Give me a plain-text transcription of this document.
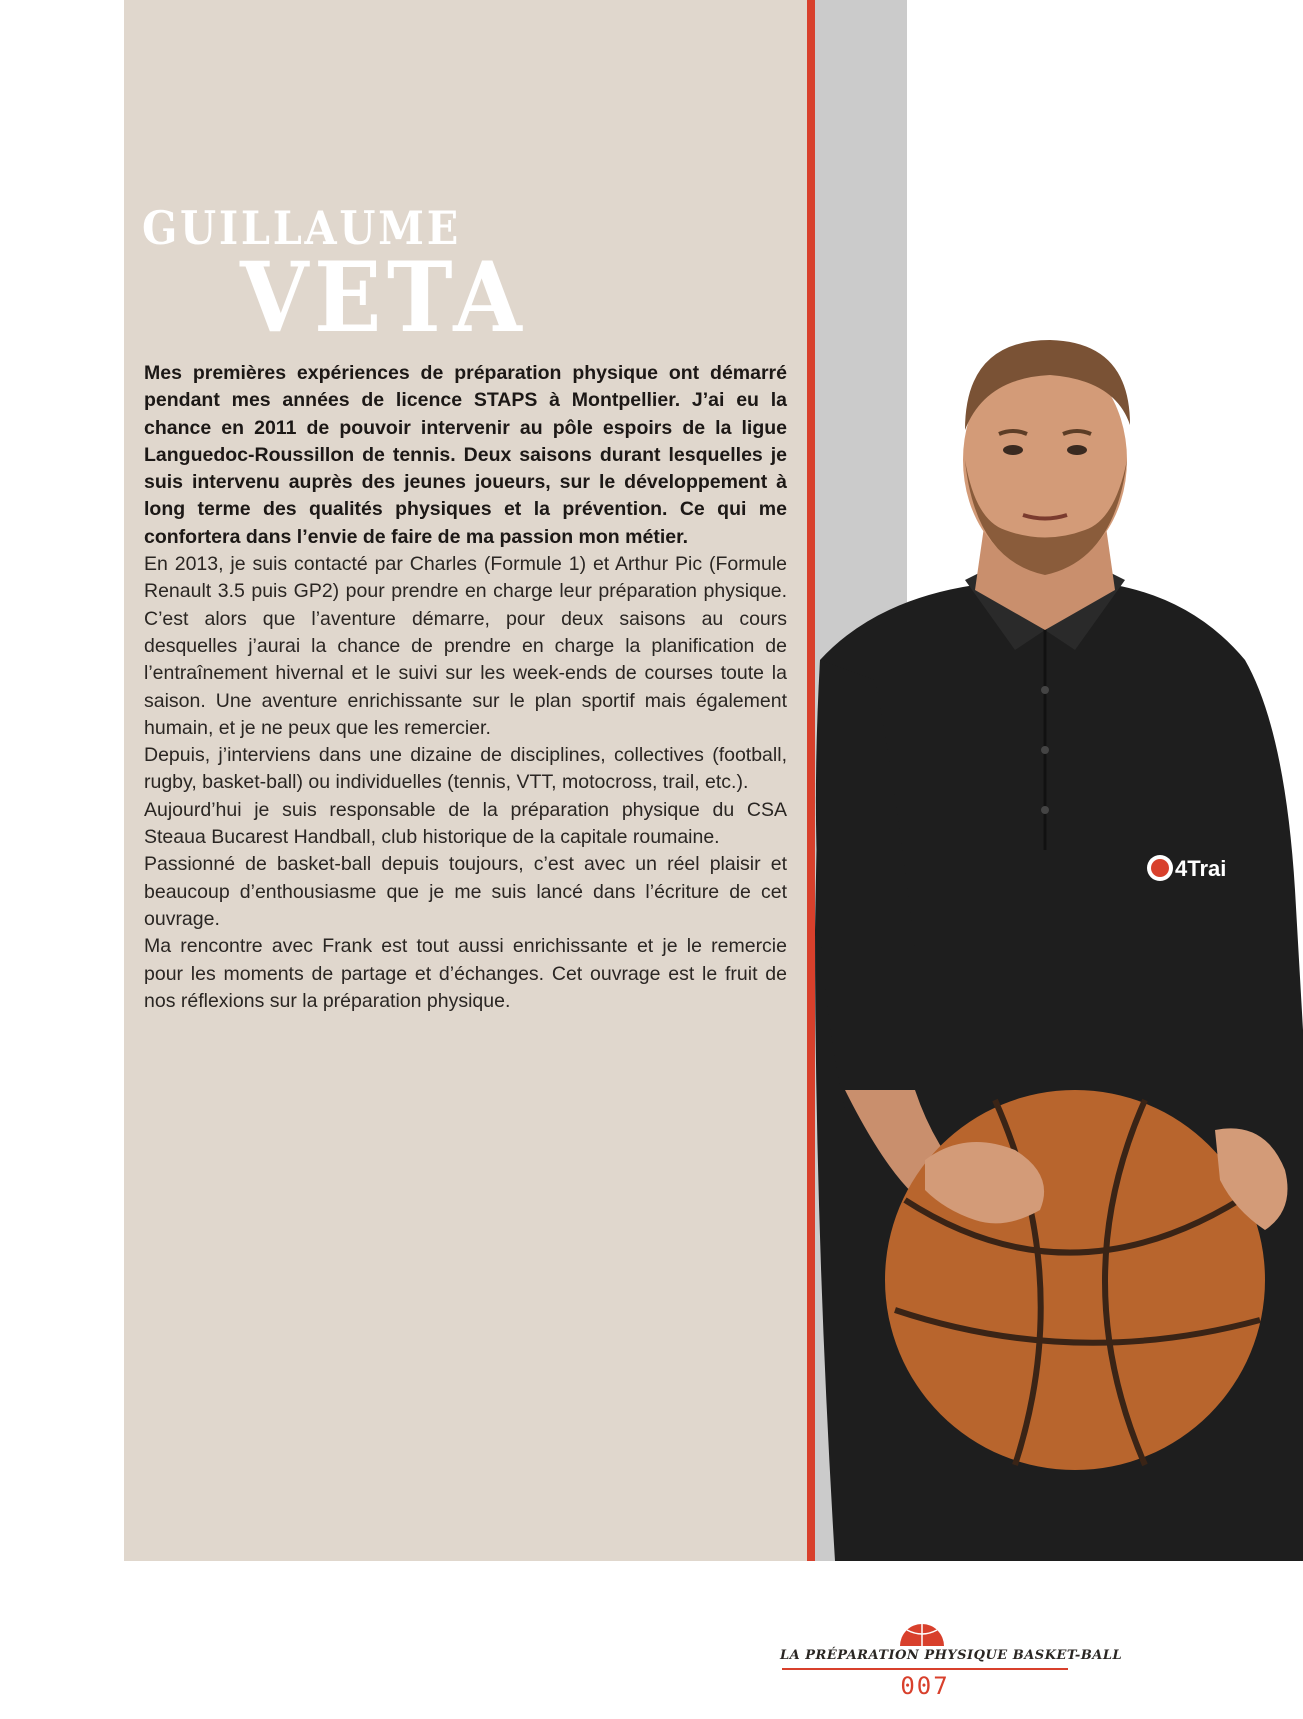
GUILLAUME
VETA

Mes premières expériences de préparation physique ont démarré pendant mes années de licence STAPS à Montpellier. J’ai eu la chance en 2011 de pouvoir intervenir au pôle espoirs de la ligue Languedoc-Roussillon de tennis. Deux saisons durant lesquelles je suis intervenu auprès des jeunes joueurs, sur le développement à long terme des qualités physiques et la prévention. Ce qui me confortera dans l’envie de faire de ma passion mon métier.

En 2013, je suis contacté par Charles (Formule 1) et Arthur Pic (Formule Renault 3.5 puis GP2) pour prendre en charge leur préparation physique. C’est alors que l’aventure démarre, pour deux saisons au cours desquelles j’aurai la chance de prendre en charge la planification de l’entraînement hivernal et le suivi sur les week-ends de courses toute la saison. Une aventure enrichissante sur le plan sportif mais également humain, et je ne peux que les remercier.

Depuis, j’interviens dans une dizaine de disciplines, collectives (football, rugby, basket-ball) ou individuelles (tennis, VTT, motocross, trail, etc.).

Aujourd’hui je suis responsable de la préparation physique du CSA Steaua Bucarest Handball, club historique de la capitale roumaine.

Passionné de basket-ball depuis toujours, c’est avec un réel plaisir et beaucoup d’enthousiasme que je me suis lancé dans l’écriture de cet ouvrage.

Ma rencontre avec Frank est tout aussi enrichissante et je le remercie pour les moments de partage et d’échanges. Cet ouvrage est le fruit de nos réflexions sur la préparation physique.

4Trai
LA PRÉPARATION PHYSIQUE BASKET-BALL
007
